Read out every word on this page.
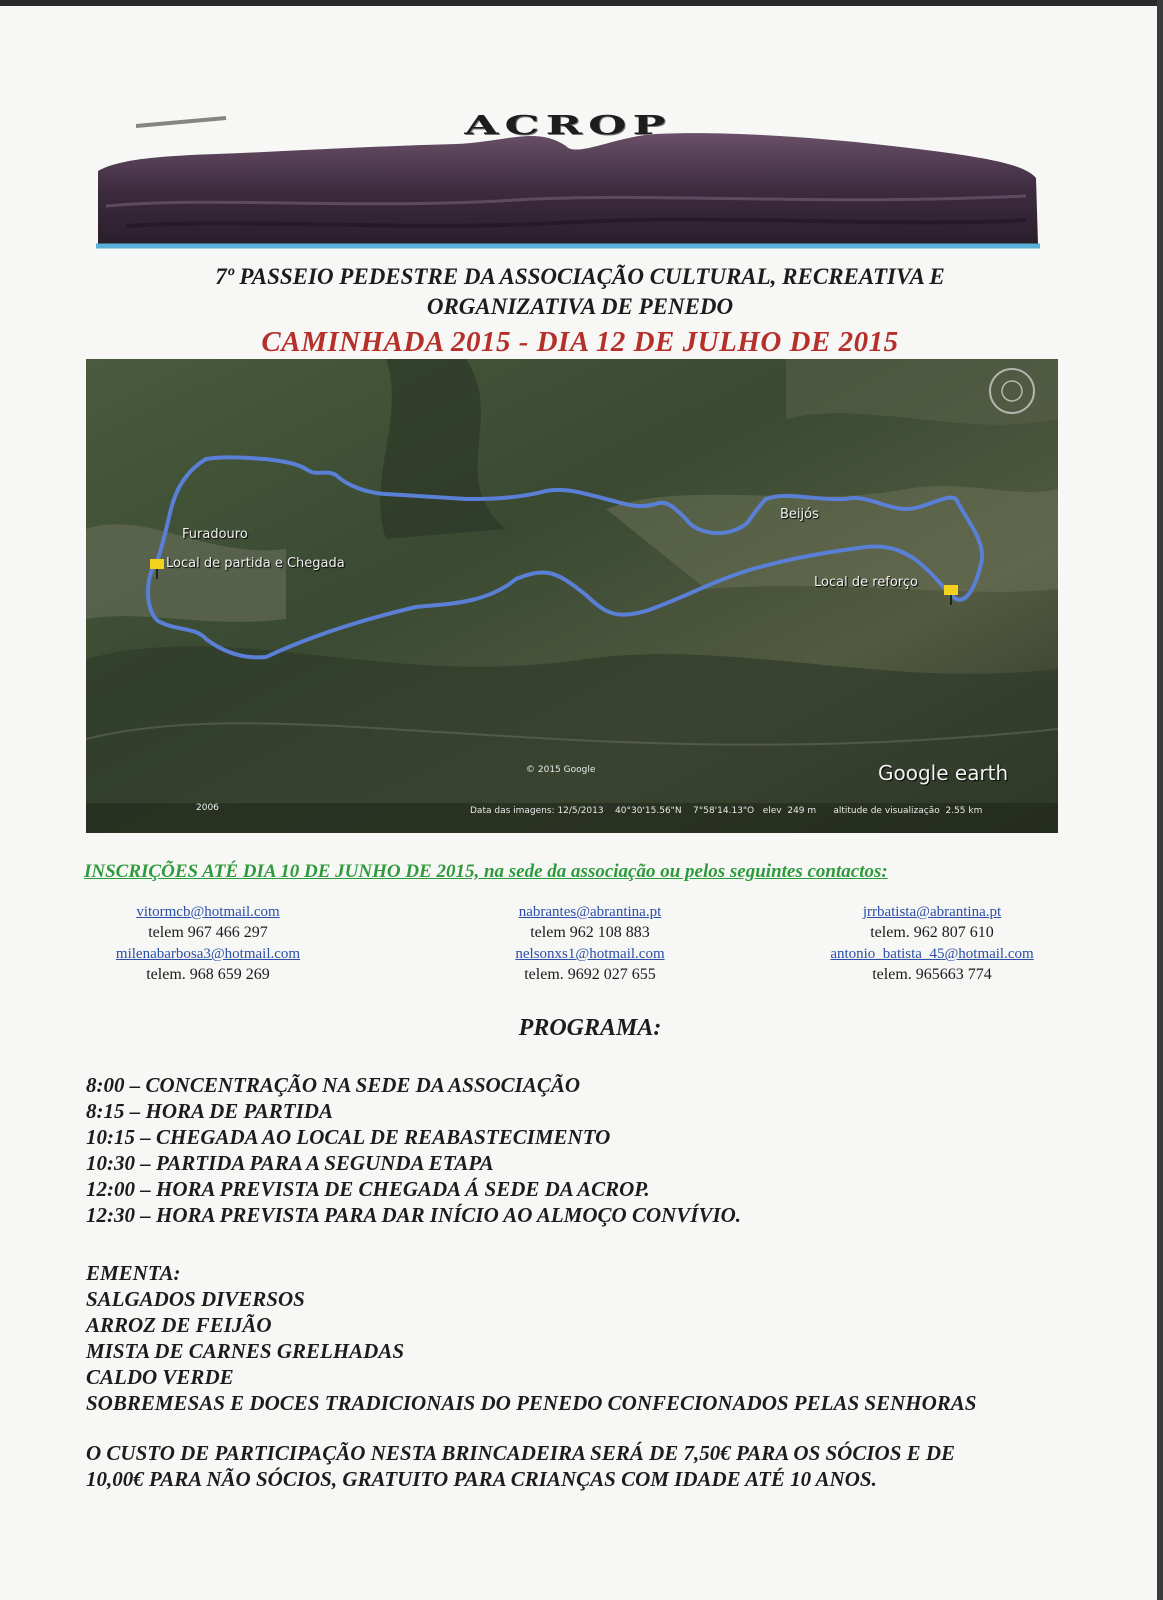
ACROP
7º PASSEIO PEDESTRE DA ASSOCIAÇÃO CULTURAL, RECREATIVA E
ORGANIZATIVA DE PENEDO
CAMINHADA 2015 - DIA 12 DE JULHO DE 2015
Furadouro
Local de partida e Chegada
Beijós
Local de reforço
© 2015 Google	Google earth
2006	Data das imagens: 12/5/2013    40°30'15.56"N    7°58'14.13"O   elev  249 m      altitude de visualização  2.55 km
INSCRIÇÕES ATÉ DIA 10 DE JUNHO DE 2015, na sede da associação ou pelos seguintes contactos:
vitormcb@hotmail.com
telem 967 466 297
milenabarbosa3@hotmail.com
telem. 968 659 269
nabrantes@abrantina.pt
telem 962 108 883
nelsonxs1@hotmail.com
telem. 9692 027 655
jrrbatista@abrantina.pt
telem. 962 807 610
antonio_batista_45@hotmail.com
telem. 965663 774
PROGRAMA:
8:00 – CONCENTRAÇÃO NA SEDE DA ASSOCIAÇÃO
8:15 – HORA DE PARTIDA
10:15 – CHEGADA AO LOCAL DE REABASTECIMENTO
10:30 – PARTIDA PARA A SEGUNDA ETAPA
12:00 – HORA PREVISTA DE CHEGADA Á SEDE DA ACROP.
12:30 – HORA PREVISTA PARA DAR INÍCIO AO ALMOÇO CONVÍVIO.
EMENTA:
SALGADOS DIVERSOS
ARROZ DE FEIJÃO
MISTA DE CARNES GRELHADAS
CALDO VERDE
SOBREMESAS E DOCES TRADICIONAIS DO PENEDO CONFECIONADOS PELAS SENHORAS
O CUSTO DE PARTICIPAÇÃO NESTA BRINCADEIRA SERÁ DE 7,50€ PARA OS SÓCIOS E DE
10,00€ PARA NÃO SÓCIOS, GRATUITO PARA CRIANÇAS COM IDADE ATÉ 10 ANOS.
